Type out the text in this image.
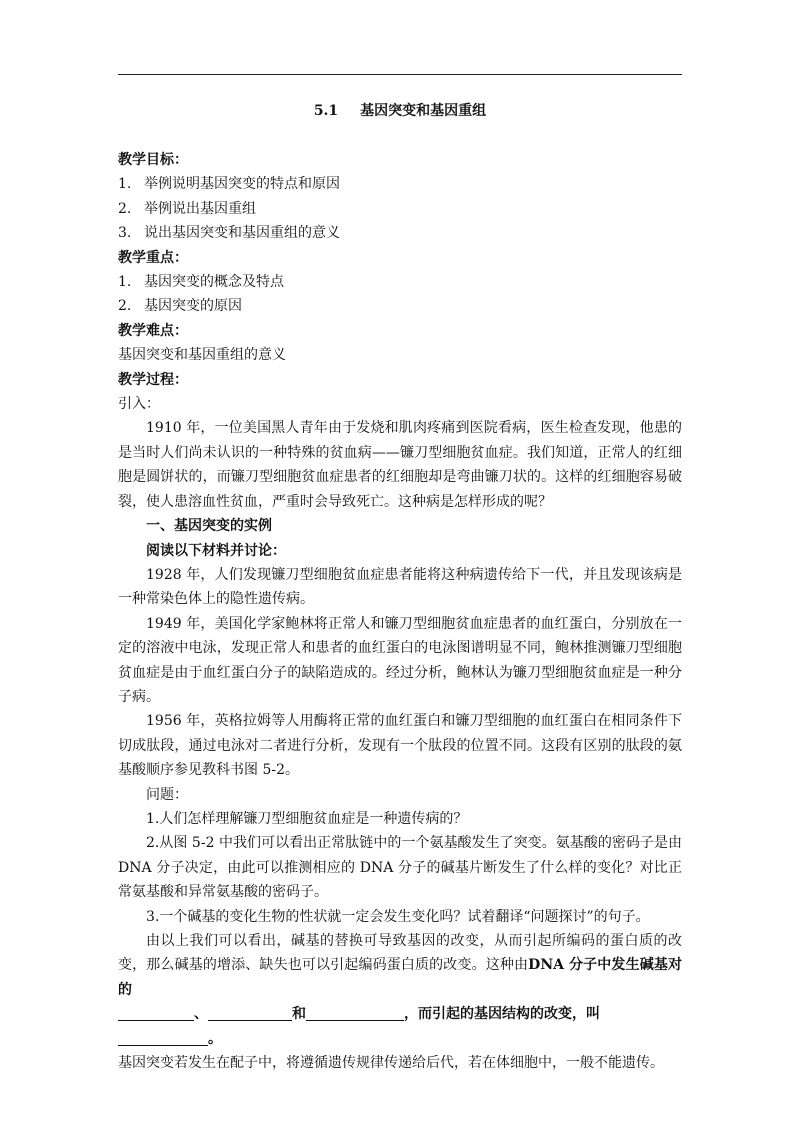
5.1 基因突变和基因重组

教学目标：

1. 举例说明基因突变的特点和原因

2. 举例说出基因重组

3. 说出基因突变和基因重组的意义

教学重点：

1. 基因突变的概念及特点

2. 基因突变的原因

教学难点：

基因突变和基因重组的意义

教学过程：

引入：

1910 年，一位美国黑人青年由于发烧和肌肉疼痛到医院看病，医生检查发现，他患的是当时人们尚未认识的一种特殊的贫血病——镰刀型细胞贫血症。我们知道，正常人的红细胞是圆饼状的，而镰刀型细胞贫血症患者的红细胞却是弯曲镰刀状的。这样的红细胞容易破裂，使人患溶血性贫血，严重时会导致死亡。这种病是怎样形成的呢？

一、基因突变的实例

阅读以下材料并讨论：

1928 年，人们发现镰刀型细胞贫血症患者能将这种病遗传给下一代，并且发现该病是一种常染色体上的隐性遗传病。

1949 年，美国化学家鲍林将正常人和镰刀型细胞贫血症患者的血红蛋白，分别放在一定的溶液中电泳，发现正常人和患者的血红蛋白的电泳图谱明显不同，鲍林推测镰刀型细胞贫血症是由于血红蛋白分子的缺陷造成的。经过分析，鲍林认为镰刀型细胞贫血症是一种分子病。

1956 年，英格拉姆等人用酶将正常的血红蛋白和镰刀型细胞的血红蛋白在相同条件下切成肽段，通过电泳对二者进行分析，发现有一个肽段的位置不同。这段有区别的肽段的氨基酸顺序参见教科书图 5-2。

问题：

1.人们怎样理解镰刀型细胞贫血症是一种遗传病的？

2.从图 5-2 中我们可以看出正常肽链中的一个氨基酸发生了突变。氨基酸的密码子是由 DNA 分子决定，由此可以推测相应的 DNA 分子的碱基片断发生了什么样的变化？对比正常氨基酸和异常氨基酸的密码子。

3.一个碱基的变化生物的性状就一定会发生变化吗？试着翻译“问题探讨”的句子。

由以上我们可以看出，碱基的替换可导致基因的改变，从而引起所编码的蛋白质的改变，那么碱基的增添、缺失也可以引起编码蛋白质的改变。这种由DNA 分子中发生碱基对的

、	和	，而引起的基因结构的改变，叫。

基因突变若发生在配子中，将遵循遗传规律传递给后代，若在体细胞中，一般不能遗传。
